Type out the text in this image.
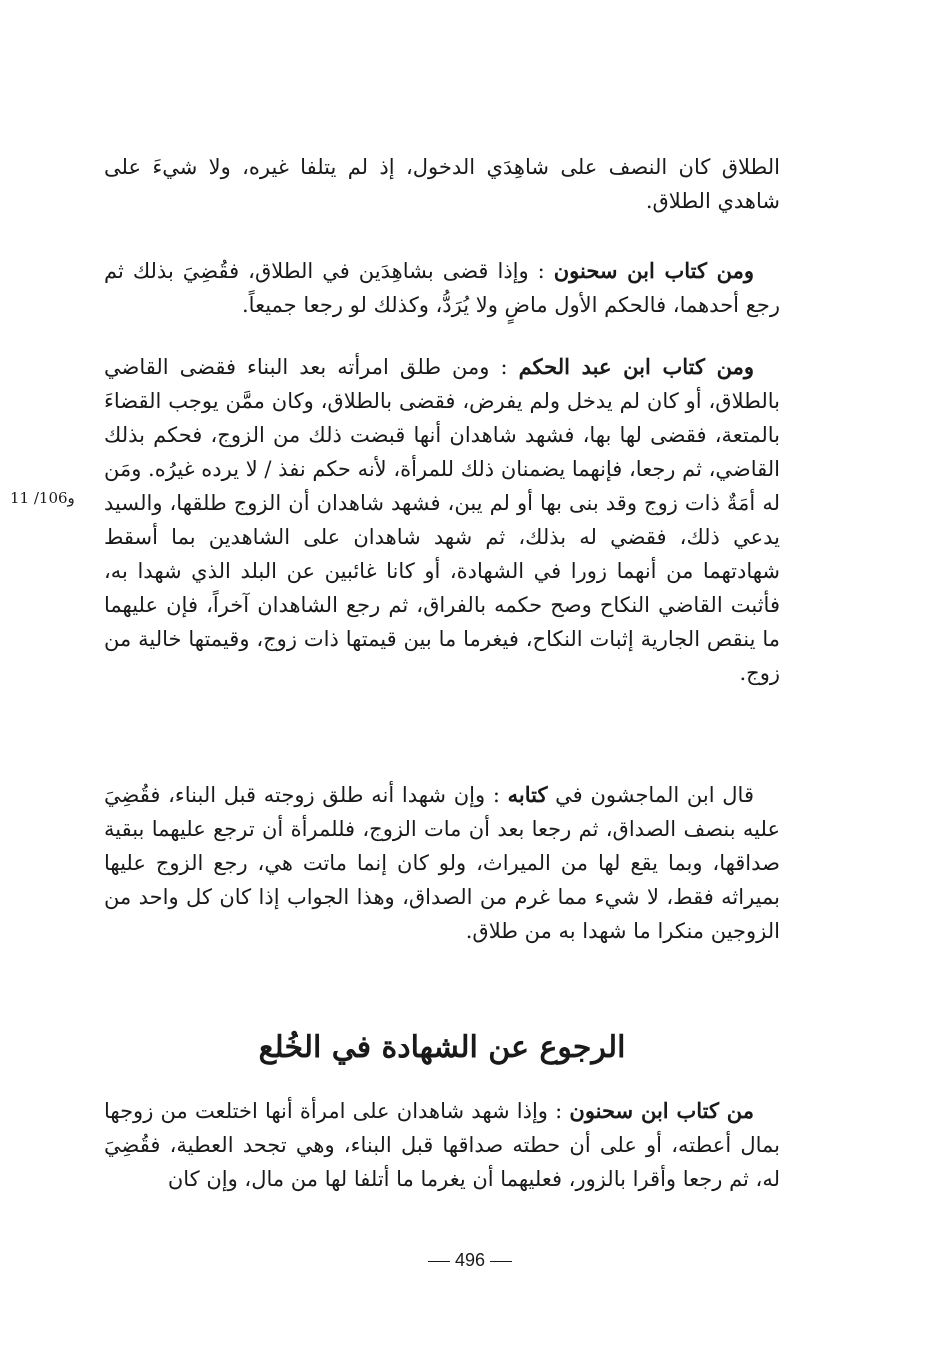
الطلاق كان النصف على شاهِدَي الدخول، إذ لم يتلفا غيره، ولا شيءَ على شاهدي الطلاق.

ومن كتاب ابن سحنون : وإذا قضى بشاهِدَين في الطلاق، فقُضِيَ بذلك ثم رجع أحدهما، فالحكم الأول ماضٍ ولا يُرَدُّ، وكذلك لو رجعا جميعاً.

ومن كتاب ابن عبد الحكم : ومن طلق امرأته بعد البناء فقضى القاضي بالطلاق، أو كان لم يدخل ولم يفرض، فقضى بالطلاق، وكان ممَّن يوجب القضاءَ بالمتعة، فقضى لها بها، فشهد شاهدان أنها قبضت ذلك من الزوج، فحكم بذلك القاضي، ثم رجعا، فإنهما يضمنان ذلك للمرأة، لأنه حكم نفذ / لا يرده غيرُه. ومَن له أمَةٌ ذات زوج وقد بنى بها أو لم يبن، فشهد شاهدان أن الزوج طلقها، والسيد يدعي ذلك، فقضي له بذلك، ثم شهد شاهدان على الشاهدين بما أسقط شهادتهما من أنهما زورا في الشهادة، أو كانا غائبين عن البلد الذي شهدا به، فأثبت القاضي النكاح وصح حكمه بالفراق، ثم رجع الشاهدان آخراً، فإن عليهما ما ينقص الجارية إثبات النكاح، فيغرما ما بين قيمتها ذات زوج، وقيمتها خالية من زوج.

11 /106و

قال ابن الماجشون في كتابه : وإن شهدا أنه طلق زوجته قبل البناء، فقُضِيَ عليه بنصف الصداق، ثم رجعا بعد أن مات الزوج، فللمرأة أن ترجع عليهما ببقية صداقها، وبما يقع لها من الميراث، ولو كان إنما ماتت هي، رجع الزوج عليها بميراثه فقط، لا شيء مما غرم من الصداق، وهذا الجواب إذا كان كل واحد من الزوجين منكرا ما شهدا به من طلاق.

الرجوع عن الشهادة في الخُلع

من كتاب ابن سحنون : وإذا شهد شاهدان على امرأة أنها اختلعت من زوجها بمال أعطته، أو على أن حطته صداقها قبل البناء، وهي تجحد العطية، فقُضِيَ له، ثم رجعا وأقرا بالزور، فعليهما أن يغرما ما أتلفا لها من مال، وإن كان

496
